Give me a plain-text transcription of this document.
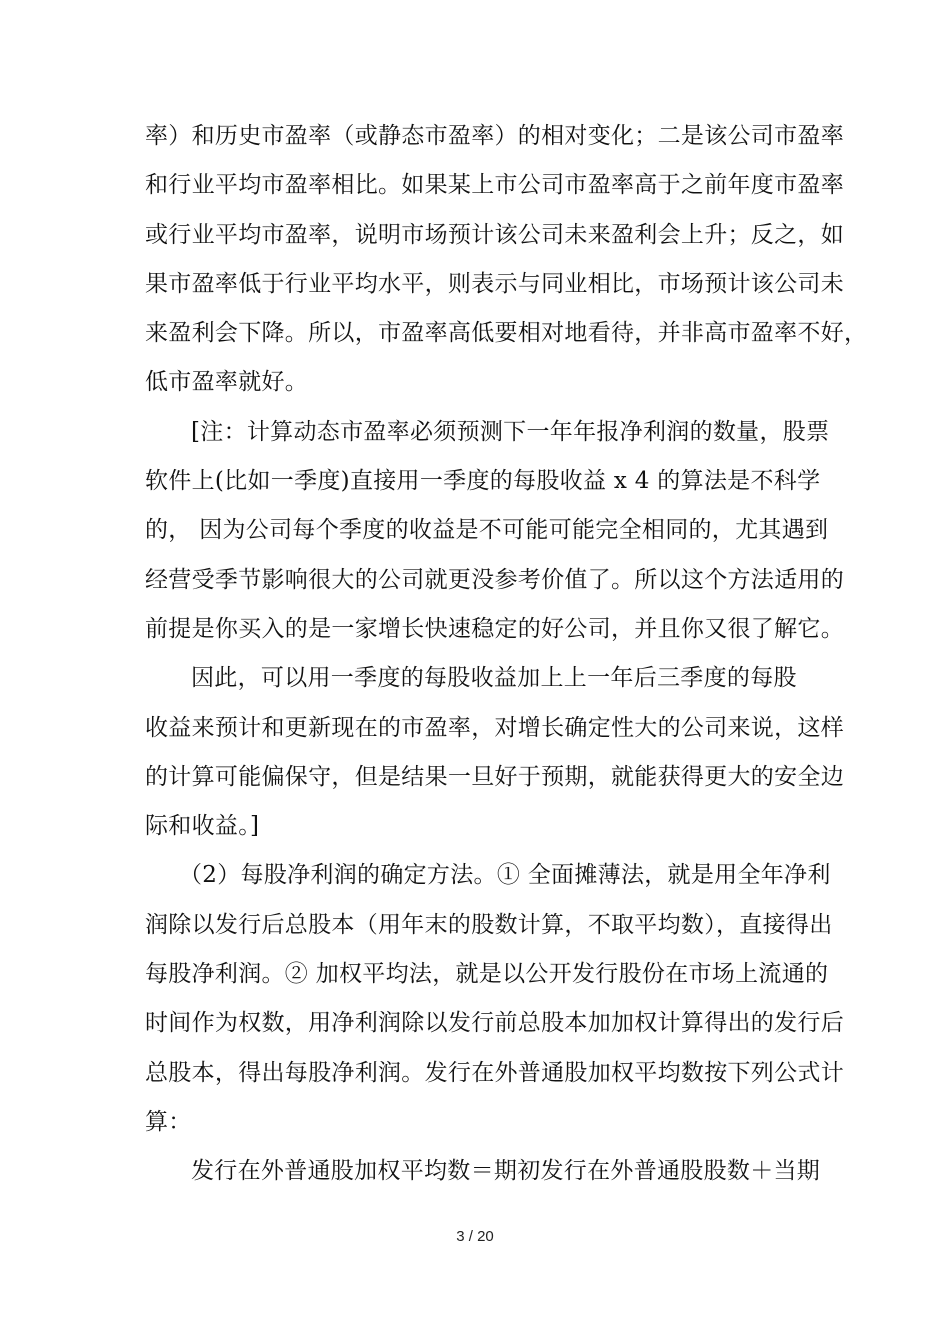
率）和历史市盈率（或静态市盈率）的相对变化；二是该公司市盈率
和行业平均市盈率相比。如果某上市公司市盈率高于之前年度市盈率
或行业平均市盈率，说明市场预计该公司未来盈利会上升；反之，如
果市盈率低于行业平均水平，则表示与同业相比，市场预计该公司未
来盈利会下降。所以，市盈率高低要相对地看待，并非高市盈率不好，
低市盈率就好。
[注：计算动态市盈率必须预测下一年年报净利润的数量，股票
软件上(比如一季度)直接用一季度的每股收益 x 4 的算法是不科学
的， 因为公司每个季度的收益是不可能可能完全相同的，尤其遇到
经营受季节影响很大的公司就更没参考价值了。所以这个方法适用的
前提是你买入的是一家增长快速稳定的好公司，并且你又很了解它。
因此，可以用一季度的每股收益加上上一年后三季度的每股
收益来预计和更新现在的市盈率，对增长确定性大的公司来说，这样
的计算可能偏保守，但是结果一旦好于预期，就能获得更大的安全边
际和收益。]
（2）每股净利润的确定方法。① 全面摊薄法，就是用全年净利
润除以发行后总股本（用年末的股数计算，不取平均数），直接得出
每股净利润。② 加权平均法，就是以公开发行股份在市场上流通的
时间作为权数，用净利润除以发行前总股本加加权计算得出的发行后
总股本，得出每股净利润。发行在外普通股加权平均数按下列公式计
算：
发行在外普通股加权平均数＝期初发行在外普通股股数＋当期
3 / 20
